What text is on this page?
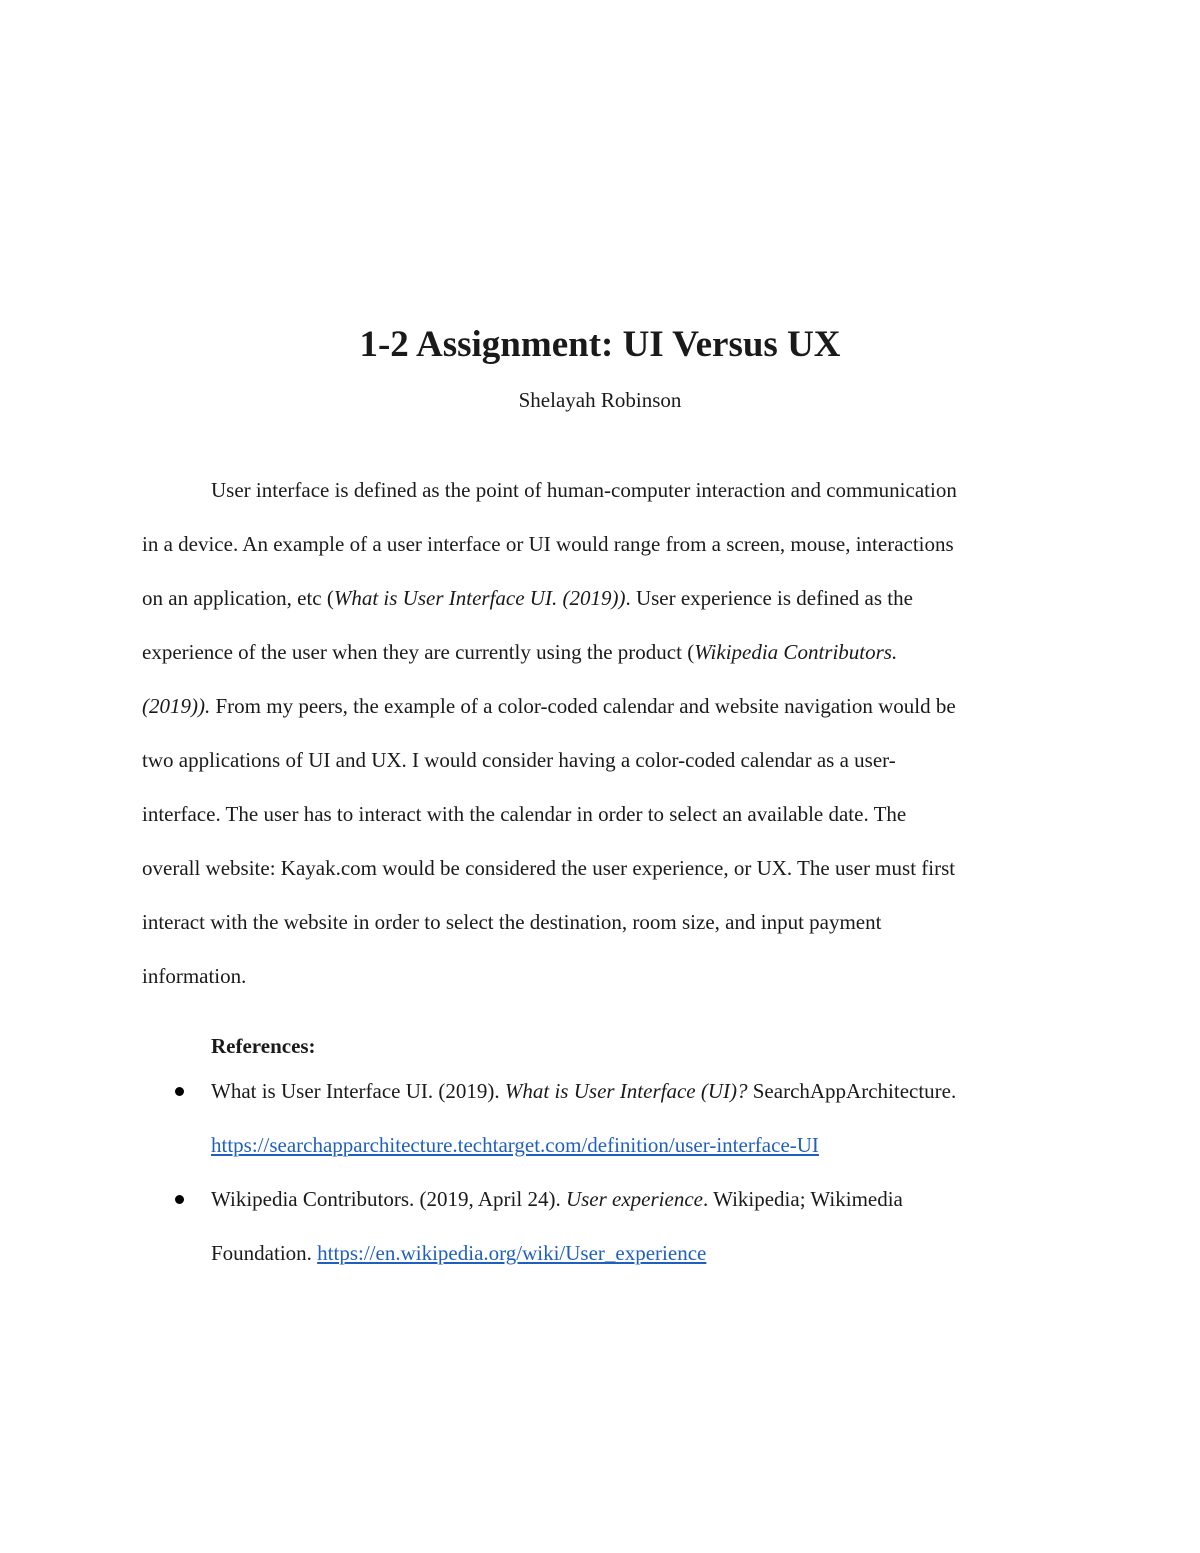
1-2 Assignment: UI Versus UX

Shelayah Robinson

User interface is defined as the point of human-computer interaction and communication

in a device. An example of a user interface or UI would range from a screen, mouse, interactions

on an application, etc (What is User Interface UI. (2019)). User experience is defined as the

experience of the user when they are currently using the product (Wikipedia Contributors.

(2019)). From my peers, the example of a color-coded calendar and website navigation would be

two applications of UI and UX. I would consider having a color-coded calendar as a user-

interface. The user has to interact with the calendar in order to select an available date. The

overall website: Kayak.com would be considered the user experience, or UX. The user must first

interact with the website in order to select the destination, room size, and input payment

information.

References:

What is User Interface UI. (2019). What is User Interface (UI)? SearchAppArchitecture.

https://searchapparchitecture.techtarget.com/definition/user-interface-UI

Wikipedia Contributors. (2019, April 24). User experience. Wikipedia; Wikimedia

Foundation. https://en.wikipedia.org/wiki/User_experience
